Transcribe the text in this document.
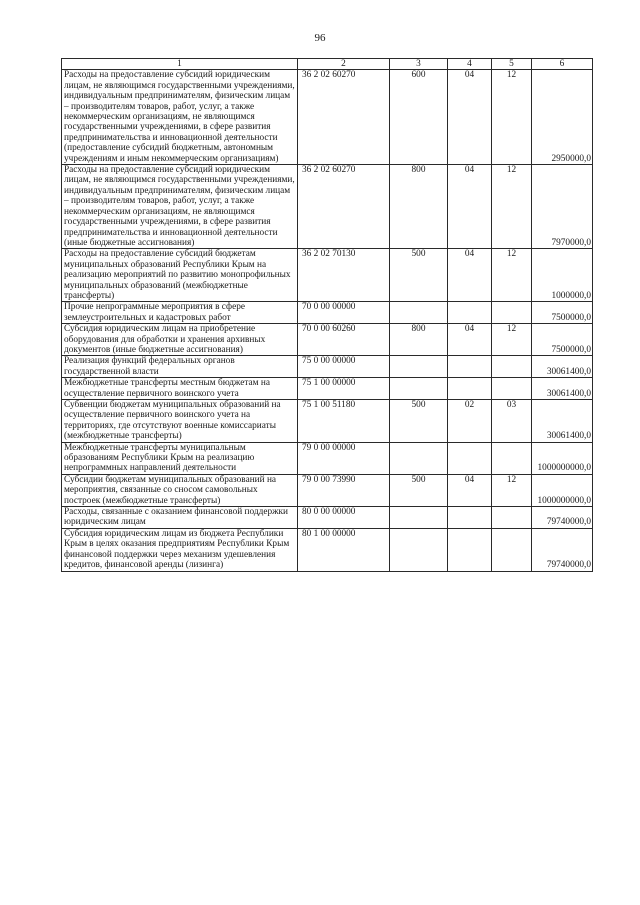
96
1	2	3	4	5	6
Расходы на предоставление субсидий юридическим лицам, не являющимся государственными учреждениями, индивидуальным предпринимателям, физическим лицам – производителям товаров, работ, услуг, а также некоммерческим организациям, не являющимся государственными учреждениями, в сфере развития предпринимательства и инновационной деятельности (предоставление субсидий бюджетным, автономным учреждениям и иным некоммерческим организациям)	36 2 02 60270	600	04	12	2950000,0
Расходы на предоставление субсидий юридическим лицам, не являющимся государственными учреждениями, индивидуальным предпринимателям, физическим лицам – производителям товаров, работ, услуг, а также некоммерческим организациям, не являющимся государственными учреждениями, в сфере развития предпринимательства и инновационной деятельности (иные бюджетные ассигнования)	36 2 02 60270	800	04	12	7970000,0
Расходы на предоставление субсидий бюджетам муниципальных образований Республики Крым на реализацию мероприятий по развитию монопрофильных муниципальных образований (межбюджетные трансферты)	36 2 02 70130	500	04	12	1000000,0
Прочие непрограммные мероприятия в сфере землеустроительных и кадастровых работ	70 0 00 00000				7500000,0
Субсидия юридическим лицам на приобретение оборудования для обработки и хранения архивных документов (иные бюджетные ассигнования)	70 0 00 60260	800	04	12	7500000,0
Реализация функций федеральных органов государственной власти	75 0 00 00000				30061400,0
Межбюджетные трансферты местным бюджетам на осуществление первичного воинского учета	75 1 00 00000				30061400,0
Субвенции бюджетам муниципальных образований на осуществление первичного воинского учета на территориях, где отсутствуют военные комиссариаты (межбюджетные трансферты)	75 1 00 51180	500	02	03	30061400,0
Межбюджетные трансферты муниципальным образованиям Республики Крым на реализацию непрограммных направлений деятельности	79 0 00 00000				1000000000,0
Субсидии бюджетам муниципальных образований на мероприятия, связанные со сносом самовольных построек (межбюджетные трансферты)	79 0 00 73990	500	04	12	1000000000,0
Расходы, связанные с оказанием финансовой поддержки юридическим лицам	80 0 00 00000				79740000,0
Субсидия юридическим лицам из бюджета Республики Крым в целях оказания предприятиям Республики Крым финансовой поддержки через механизм удешевления кредитов, финансовой аренды (лизинга)	80 1 00 00000				79740000,0
